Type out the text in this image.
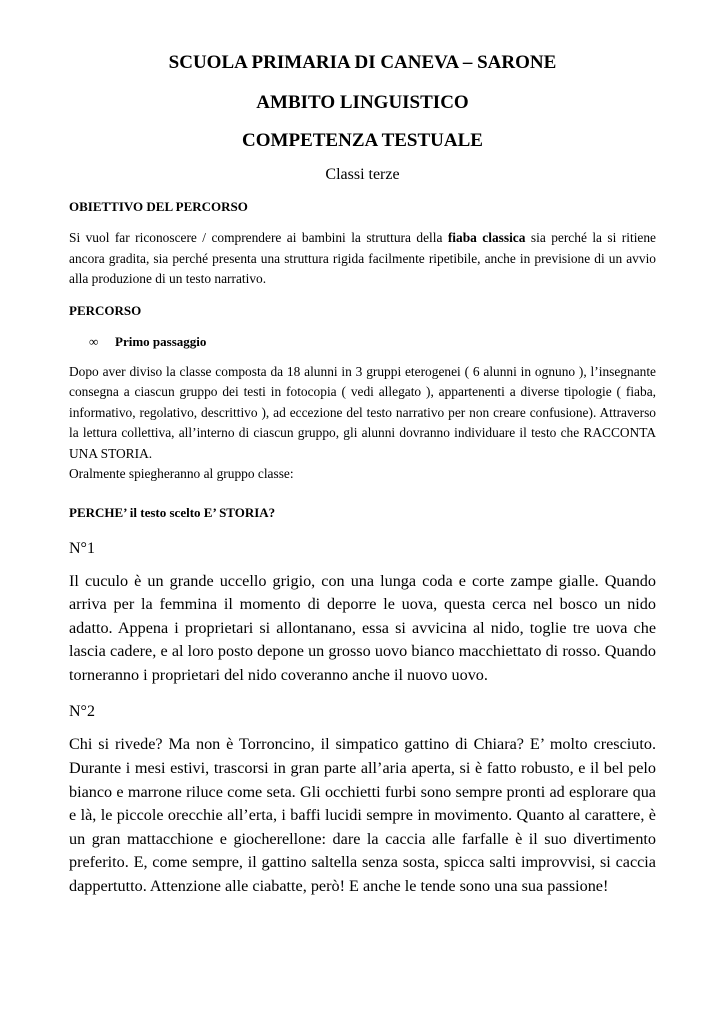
SCUOLA PRIMARIA DI CANEVA – SARONE

AMBITO LINGUISTICO

COMPETENZA TESTUALE

Classi terze

OBIETTIVO DEL PERCORSO

Si vuol far riconoscere / comprendere ai bambini la struttura della fiaba classica sia perché la si ritiene ancora gradita, sia perché presenta una struttura rigida facilmente ripetibile, anche in previsione di un avvio alla produzione di un testo narrativo.

PERCORSO

∞	Primo passaggio

Dopo aver diviso la classe composta da 18 alunni in 3 gruppi eterogenei ( 6 alunni in ognuno ), l’insegnante consegna a ciascun gruppo dei testi in fotocopia ( vedi allegato ), appartenenti a diverse tipologie ( fiaba, informativo, regolativo, descrittivo ), ad eccezione del testo narrativo per non creare confusione). Attraverso la lettura collettiva, all’interno di ciascun gruppo, gli alunni dovranno individuare il testo che RACCONTA UNA STORIA.

Oralmente spiegheranno al gruppo classe:

PERCHE’ il testo scelto E’ STORIA?

N°1

Il cuculo è un grande uccello grigio, con una lunga coda e corte zampe gialle. Quando arriva per la femmina il momento di deporre le uova, questa cerca nel bosco un nido adatto. Appena i proprietari si allontanano, essa si avvicina al nido, toglie tre uova che lascia cadere, e al loro posto depone un grosso uovo bianco macchiettato di rosso. Quando torneranno i proprietari del nido coveranno anche il nuovo uovo.

N°2

Chi si rivede? Ma non è Torroncino, il simpatico gattino di Chiara? E’ molto cresciuto. Durante i mesi estivi, trascorsi in gran parte all’aria aperta, si è fatto robusto, e il bel pelo bianco e marrone riluce come seta. Gli occhietti furbi sono sempre pronti ad esplorare qua e là, le piccole orecchie all’erta, i baffi lucidi sempre in movimento. Quanto al carattere, è un gran mattacchione e giocherellone: dare la caccia alle farfalle è il suo divertimento preferito. E, come sempre, il gattino saltella senza sosta, spicca salti improvvisi, si caccia dappertutto. Attenzione alle ciabatte, però! E anche le tende sono una sua passione!
